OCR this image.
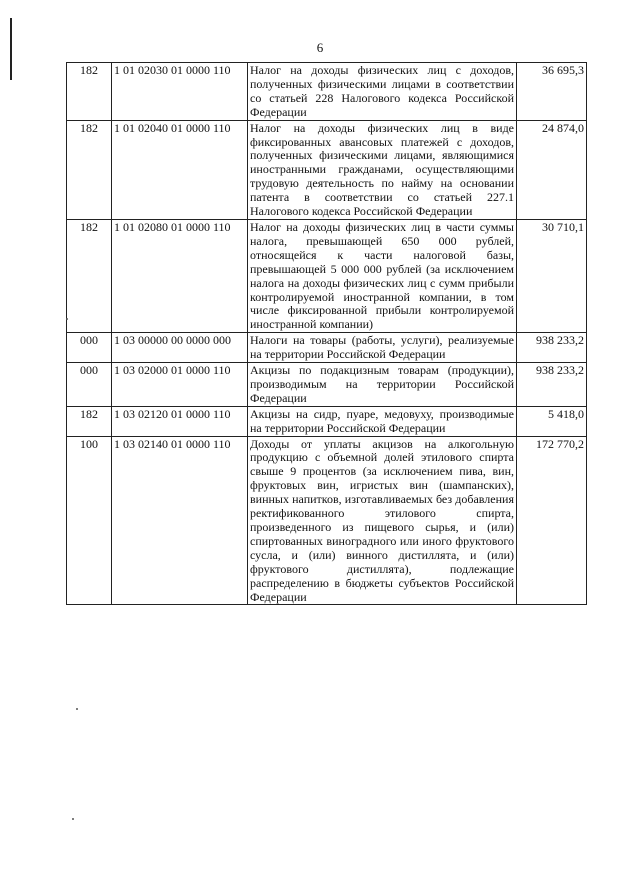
6
182	1 01 02030 01 0000 110	Налог на доходы физических лиц с доходов, полученных физическими лицами в соответствии со статьей 228 Налогового кодекса Российской Федерации	36 695,3
182	1 01 02040 01 0000 110	Налог на доходы физических лиц в виде фиксированных авансовых платежей с доходов, полученных физическими лицами, являющимися иностранными гражданами, осуществляющими трудовую деятельность по найму на основании патента в соответствии со статьей 227.1 Налогового кодекса Российской Федерации	24 874,0
182	1 01 02080 01 0000 110	Налог на доходы физических лиц в части суммы налога, превышающей 650 000 рублей, относящейся к части налоговой базы, превышающей 5 000 000 рублей (за исключением налога на доходы физических лиц с сумм прибыли контролируемой иностранной компании, в том числе фиксированной прибыли контролируемой иностранной компании)	30 710,1
000	1 03 00000 00 0000 000	Налоги на товары (работы, услуги), реализуемые на территории Российской Федерации	938 233,2
000	1 03 02000 01 0000 110	Акцизы по подакцизным товарам (продукции), производимым на территории Российской Федерации	938 233,2
182	1 03 02120 01 0000 110	Акцизы на сидр, пуаре, медовуху, производимые на территории Российской Федерации	5 418,0
100	1 03 02140 01 0000 110	Доходы от уплаты акцизов на алкогольную продукцию с объемной долей этилового спирта свыше 9 процентов (за исключением пива, вин, фруктовых вин, игристых вин (шампанских), винных напитков, изготавливаемых без добавления ректификованного этилового спирта, произведенного из пищевого сырья, и (или) спиртованных виноградного или иного фруктового сусла, и (или) винного дистиллята, и (или) фруктового дистиллята), подлежащие распределению в бюджеты субъектов Российской Федерации	172 770,2
